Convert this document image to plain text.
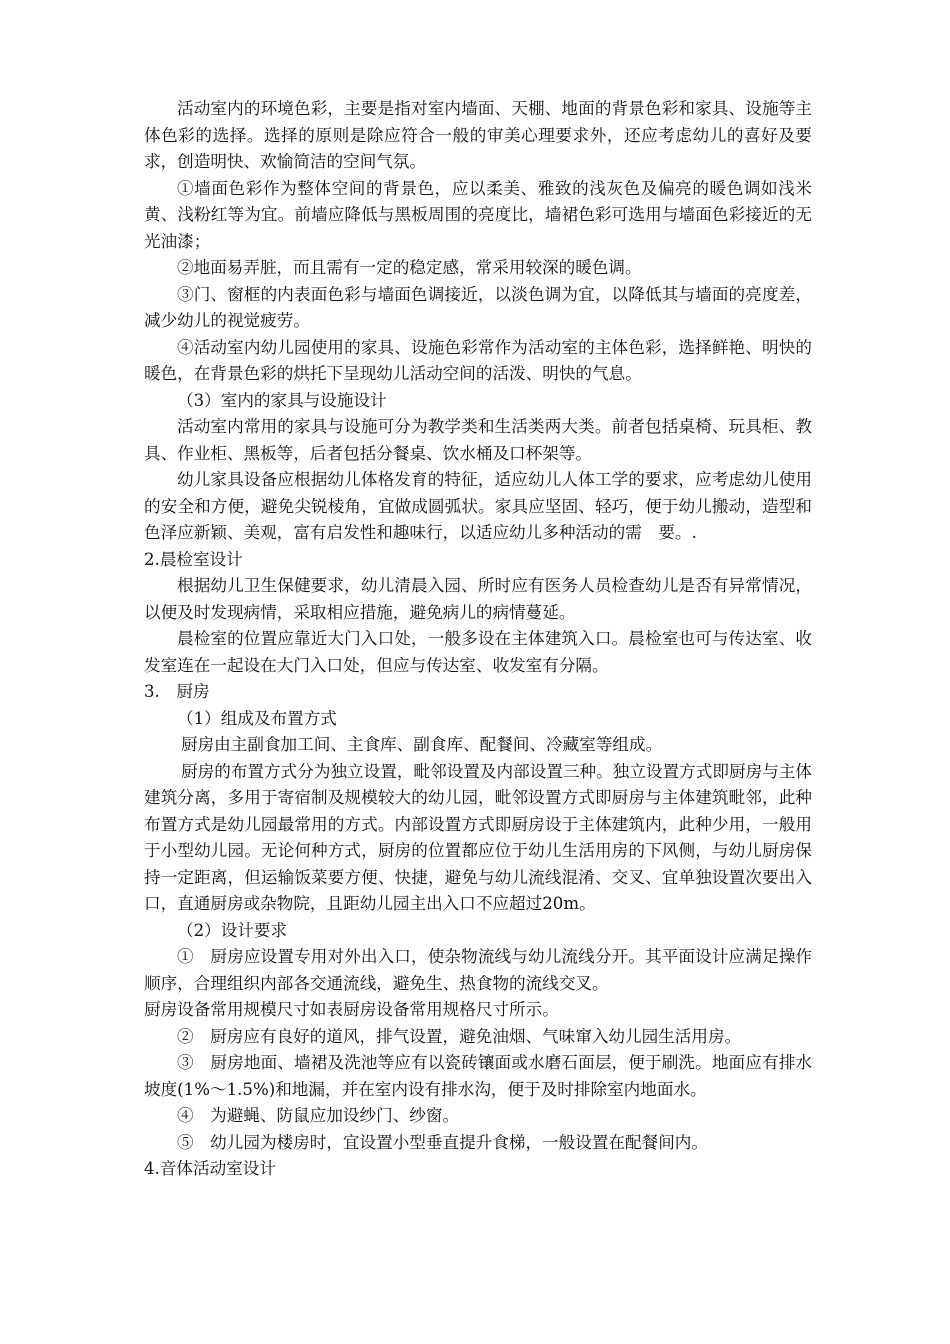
活动室内的环境色彩，主要是指对室内墙面、天棚、地面的背景色彩和家具、设施等主体色彩的选择。选择的原则是除应符合一般的审美心理要求外，还应考虑幼儿的喜好及要求，创造明快、欢愉简洁的空间气氛。

①墙面色彩作为整体空间的背景色，应以柔美、雅致的浅灰色及偏亮的暖色调如浅米黄、浅粉红等为宜。前墙应降低与黑板周围的亮度比，墙裙色彩可选用与墙面色彩接近的无光油漆；

②地面易弄脏，而且需有一定的稳定感，常采用较深的暖色调。

③门、窗框的内表面色彩与墙面色调接近，以淡色调为宜，以降低其与墙面的亮度差，减少幼儿的视觉疲劳。

④活动室内幼儿园使用的家具、设施色彩常作为活动室的主体色彩，选择鲜艳、明快的暖色，在背景色彩的烘托下呈现幼儿活动空间的活泼、明快的气息。

（3）室内的家具与设施设计

活动室内常用的家具与设施可分为教学类和生活类两大类。前者包括桌椅、玩具柜、教具、作业柜、黑板等，后者包括分餐桌、饮水桶及口杯架等。

幼儿家具设备应根据幼儿体格发育的特征，适应幼儿人体工学的要求，应考虑幼儿使用的安全和方便，避免尖锐棱角，宜做成圆弧状。家具应坚固、轻巧，便于幼儿搬动，造型和色泽应新颖、美观，富有启发性和趣味行，以适应幼儿多种活动的需　要。.

2.晨检室设计

根据幼儿卫生保健要求，幼儿清晨入园、所时应有医务人员检查幼儿是否有异常情况，以便及时发现病情，采取相应措施，避免病儿的病情蔓延。

晨检室的位置应靠近大门入口处，一般多设在主体建筑入口。晨检室也可与传达室、收发室连在一起设在大门入口处，但应与传达室、收发室有分隔。

3.　厨房

（1）组成及布置方式

厨房由主副食加工间、主食库、副食库、配餐间、冷藏室等组成。

厨房的布置方式分为独立设置，毗邻设置及内部设置三种。独立设置方式即厨房与主体建筑分离，多用于寄宿制及规模较大的幼儿园，毗邻设置方式即厨房与主体建筑毗邻，此种布置方式是幼儿园最常用的方式。内部设置方式即厨房设于主体建筑内，此种少用，一般用于小型幼儿园。无论何种方式，厨房的位置都应位于幼儿生活用房的下风侧，与幼儿厨房保持一定距离，但运输饭菜要方便、快捷，避免与幼儿流线混淆、交叉、宜单独设置次要出入口，直通厨房或杂物院，且距幼儿园主出入口不应超过20m。

（2）设计要求

①　厨房应设置专用对外出入口，使杂物流线与幼儿流线分开。其平面设计应满足操作顺序，合理组织内部各交通流线，避免生、热食物的流线交叉。

厨房设备常用规模尺寸如表厨房设备常用规格尺寸所示。

②　厨房应有良好的道风，排气设置，避免油烟、气味窜入幼儿园生活用房。

③　厨房地面、墙裙及洗池等应有以瓷砖镶面或水磨石面层，便于刷洗。地面应有排水坡度(1%～1.5%)和地漏，并在室内设有排水沟，便于及时排除室内地面水。

④　为避蝇、防鼠应加设纱门、纱窗。

⑤　幼儿园为楼房时，宜设置小型垂直提升食梯，一般设置在配餐间内。

4.音体活动室设计
